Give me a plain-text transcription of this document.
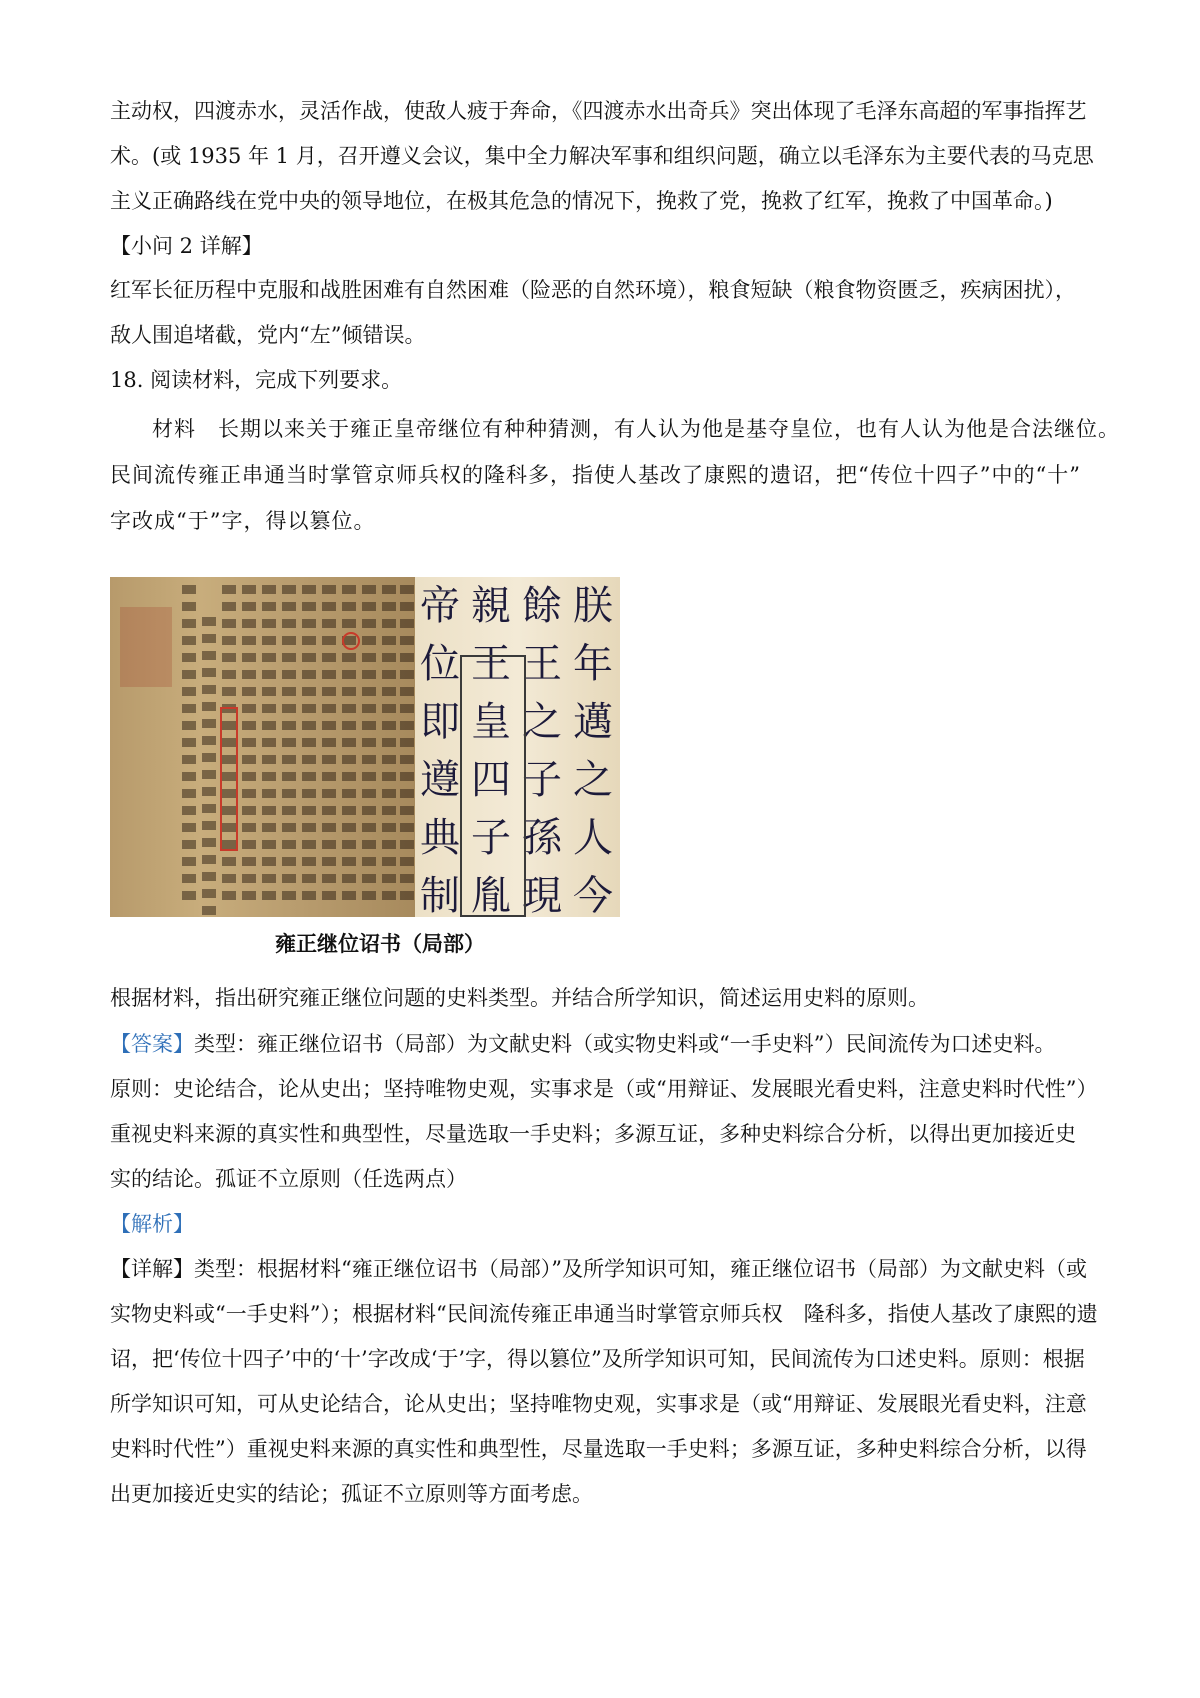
主动权，四渡赤水，灵活作战，使敌人疲于奔命，《四渡赤水出奇兵》突出体现了毛泽东高超的军事指挥艺
术。(或 1935 年 1 月，召开遵义会议，集中全力解决军事和组织问题，确立以毛泽东为主要代表的马克思
主义正确路线在党中央的领导地位，在极其危急的情况下，挽救了党，挽救了红军，挽救了中国革命。)

【小问 2 详解】

红军长征历程中克服和战胜困难有自然困难（险恶的自然环境），粮食短缺（粮食物资匮乏，疾病困扰），
敌人围追堵截，党内“左”倾错误。

18. 阅读材料，完成下列要求。

材料　长期以来关于雍正皇帝继位有种种猜测，有人认为他是基夺皇位，也有人认为他是合法继位。
民间流传雍正串通当时掌管京师兵权的隆科多，指使人基改了康熙的遗诏，把“传位十四子”中的“十”
字改成“于”字，得以篡位。

帝
位
即
遵
典
制
親
王
皇
四
子
胤
餘
王
之
子
孫
現
朕
年
邁
之
人
今
雍正继位诏书（局部）

根据材料，指出研究雍正继位问题的史料类型。并结合所学知识，简述运用史料的原则。

【答案】类型：雍正继位诏书（局部）为文献史料（或实物史料或“一手史料”）民间流传为口述史料。
原则：史论结合，论从史出；坚持唯物史观，实事求是（或“用辩证、发展眼光看史料，注意史料时代性”）
重视史料来源的真实性和典型性，尽量选取一手史料；多源互证，多种史料综合分析，以得出更加接近史
实的结论。孤证不立原则（任选两点）

【解析】

【详解】类型：根据材料“雍正继位诏书（局部）”及所学知识可知，雍正继位诏书（局部）为文献史料（或
实物史料或“一手史料”）；根据材料“民间流传雍正串通当时掌管京师兵权　隆科多，指使人基改了康熙的遗
诏，把‘传位十四子’中的‘十’字改成‘于’字，得以篡位”及所学知识可知，民间流传为口述史料。原则：根据
所学知识可知，可从史论结合，论从史出；坚持唯物史观，实事求是（或“用辩证、发展眼光看史料，注意
史料时代性”）重视史料来源的真实性和典型性，尽量选取一手史料；多源互证，多种史料综合分析，以得
出更加接近史实的结论；孤证不立原则等方面考虑。
